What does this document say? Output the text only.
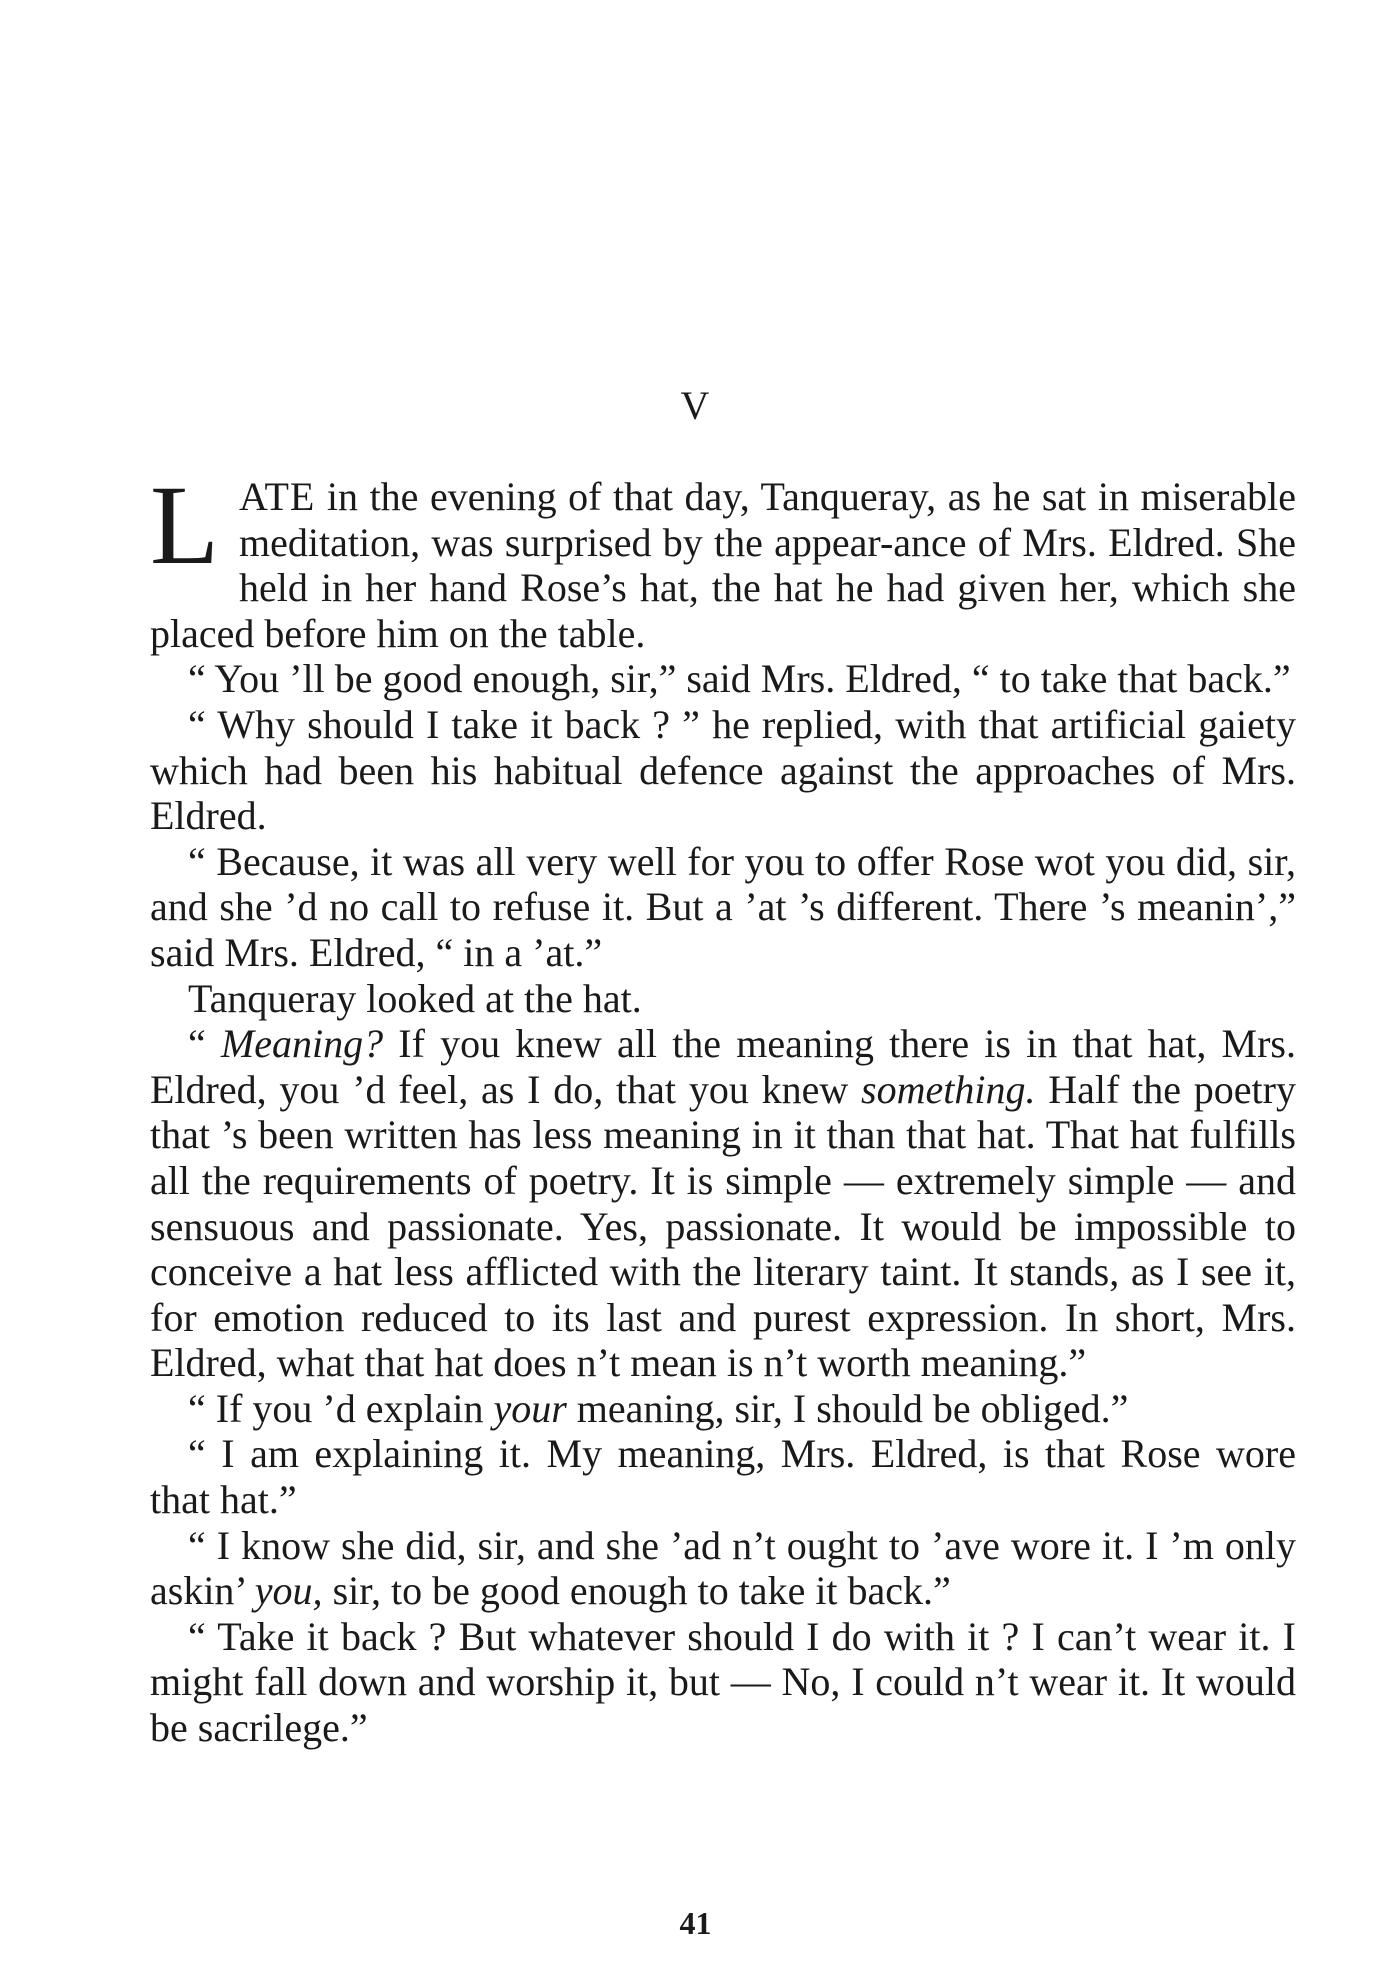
V

LATE in the evening of that day, Tanqueray, as he sat in miserable meditation, was surprised by the appear-ance of Mrs. Eldred. She held in her hand Rose’s hat, the hat he had given her, which she placed before him on the table.

“ You ’ll be good enough, sir,” said Mrs. Eldred, “ to take that back.”

“ Why should I take it back ? ” he replied, with that artificial gaiety which had been his habitual defence against the approaches of Mrs. Eldred.

“ Because, it was all very well for you to offer Rose wot you did, sir, and she ’d no call to refuse it. But a ’at ’s different. There ’s meanin’,” said Mrs. Eldred, “ in a ’at.”

Tanqueray looked at the hat.

“ Meaning? If you knew all the meaning there is in that hat, Mrs. Eldred, you ’d feel, as I do, that you knew something. Half the poetry that ’s been written has less meaning in it than that hat. That hat fulfills all the requirements of poetry. It is simple — extremely simple — and sensuous and passionate. Yes, passionate. It would be impossible to conceive a hat less afflicted with the literary taint. It stands, as I see it, for emotion reduced to its last and purest expression. In short, Mrs. Eldred, what that hat does n’t mean is n’t worth meaning.”

“ If you ’d explain your meaning, sir, I should be obliged.”

“ I am explaining it. My meaning, Mrs. Eldred, is that Rose wore that hat.”

“ I know she did, sir, and she ’ad n’t ought to ’ave wore it. I ’m only askin’ you, sir, to be good enough to take it back.”

“ Take it back ? But whatever should I do with it ? I can’t wear it. I might fall down and worship it, but — No, I could n’t wear it. It would be sacrilege.”

41
